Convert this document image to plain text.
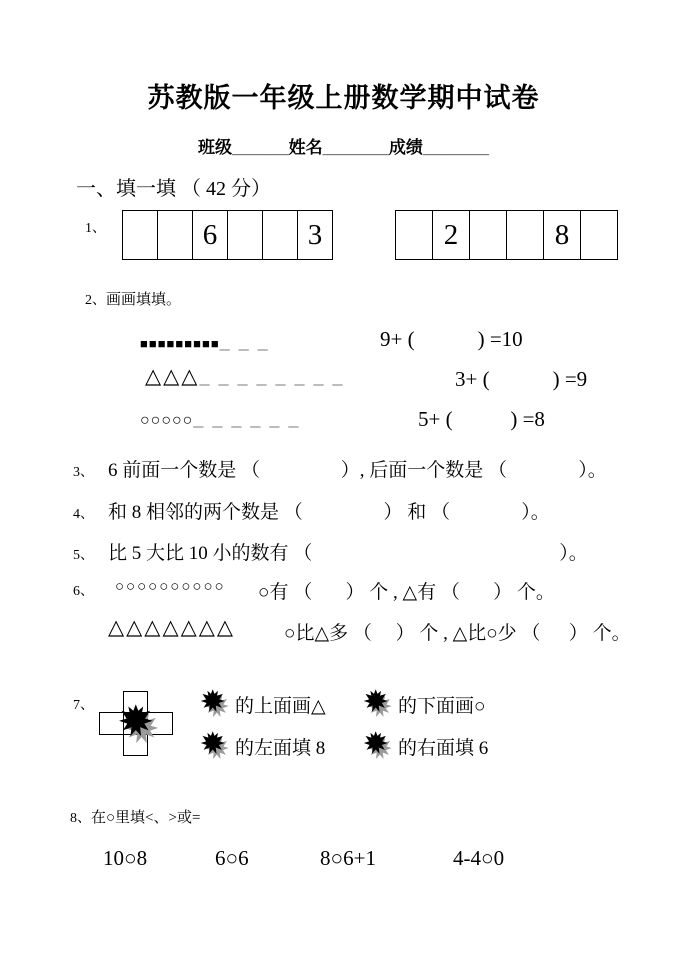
苏教版一年级上册数学期中试卷
班级______姓名_______成绩_______
一、填一填 （ 42 分）
1、	6	3	2	8
2、画画填填。
■■■■■■■■■_ _ _	9+ (            ) =10
△△△_ _ _ _ _ _ _ _	3+ (            ) =9
○○○○○_ _ _ _ _ _	5+ (           ) =8
3、 6 前面一个数是 （                 ）, 后面一个数是 （               ）。
4、 和 8 相邻的两个数是 （                 ） 和 （               ）。
5、 比 5 大比 10 小的数有 （                                                    ）。
6、 ○○○○○○○○○○ ○有 （       ） 个 , △有 （       ） 个。
△△△△△△△	○比△多 （     ） 个 , △比○少 （      ） 个。
7、	的上面画△	的下面画○
的左面填 8	的右面填 6
8、在○里填<、>或=
10○8	6○6	8○6+1	4-4○0
